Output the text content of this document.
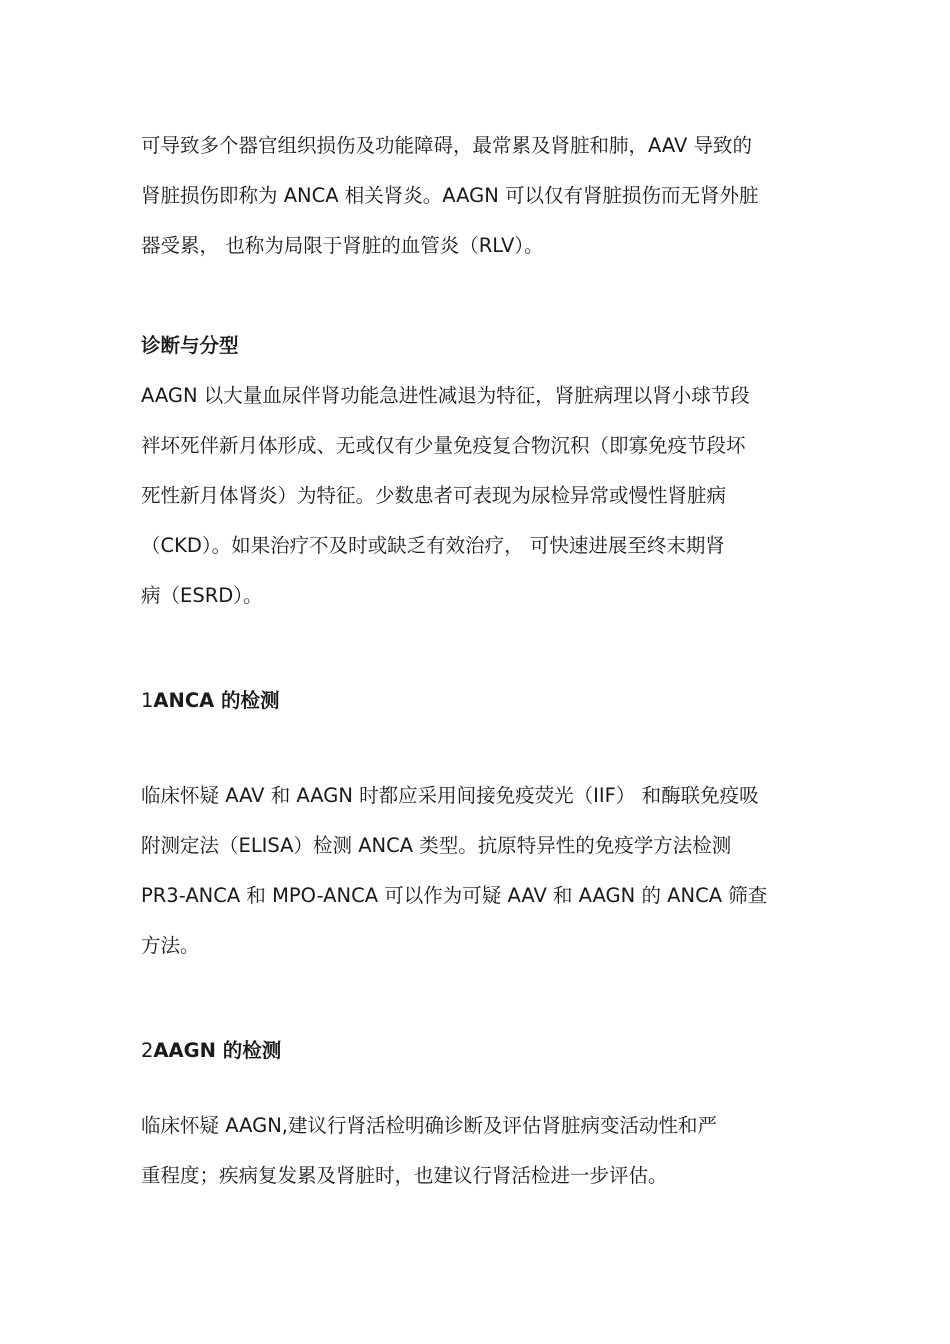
可导致多个器官组织损伤及功能障碍，最常累及肾脏和肺，AAV 导致的
肾脏损伤即称为 ANCA 相关肾炎。AAGN 可以仅有肾脏损伤而无肾外脏
器受累， 也称为局限于肾脏的血管炎（RLV）。
诊断与分型
AAGN 以大量血尿伴肾功能急进性减退为特征，肾脏病理以肾小球节段
袢坏死伴新月体形成、无或仅有少量免疫复合物沉积（即寡免疫节段坏
死性新月体肾炎）为特征。少数患者可表现为尿检异常或慢性肾脏病
（CKD）。如果治疗不及时或缺乏有效治疗， 可快速进展至终末期肾
病（ESRD）。
1ANCA 的检测
临床怀疑 AAV 和 AAGN 时都应采用间接免疫荧光（IIF） 和酶联免疫吸
附测定法（ELISA）检测 ANCA 类型。抗原特异性的免疫学方法检测
PR3-ANCA 和 MPO-ANCA 可以作为可疑 AAV 和 AAGN 的 ANCA 筛查
方法。
2AAGN 的检测
临床怀疑 AAGN,建议行肾活检明确诊断及评估肾脏病变活动性和严
重程度；疾病复发累及肾脏时，也建议行肾活检进一步评估。
